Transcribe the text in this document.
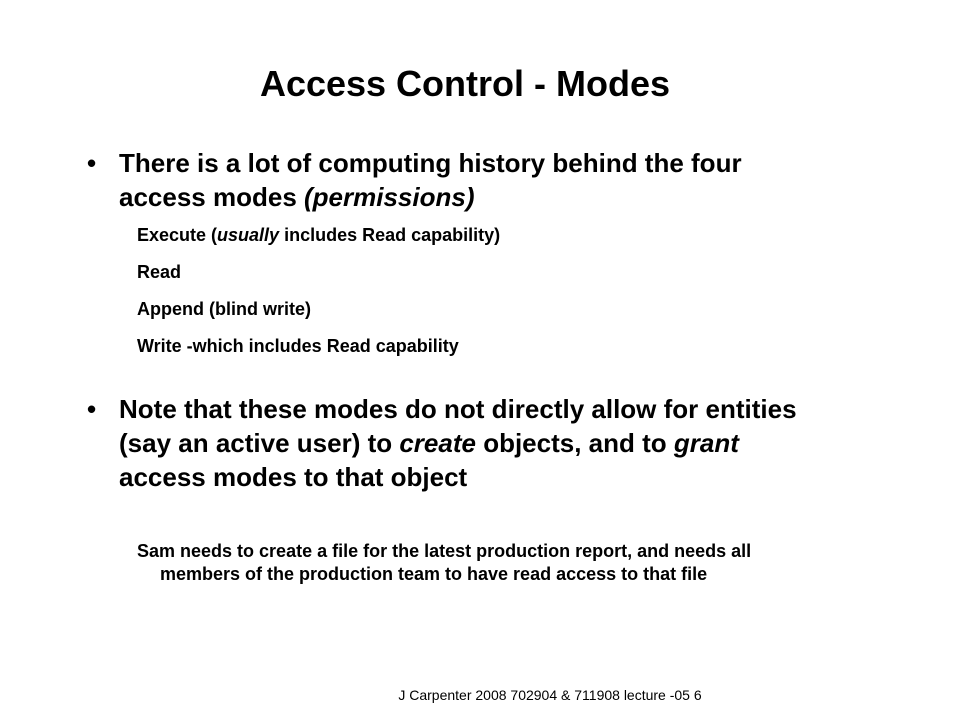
Access Control - Modes
• There is a lot of computing history behind the four access modes (permissions)
Execute (usually includes Read capability)
Read
Append (blind write)
Write -which includes Read capability
• Note that these modes do not directly allow for entities (say an active user) to create objects, and to grant access modes to that object
Sam needs to create a file for the latest production report, and needs all members of the production team to have read access to that file
J Carpenter 2008 702904 & 711908 lecture -05 6
